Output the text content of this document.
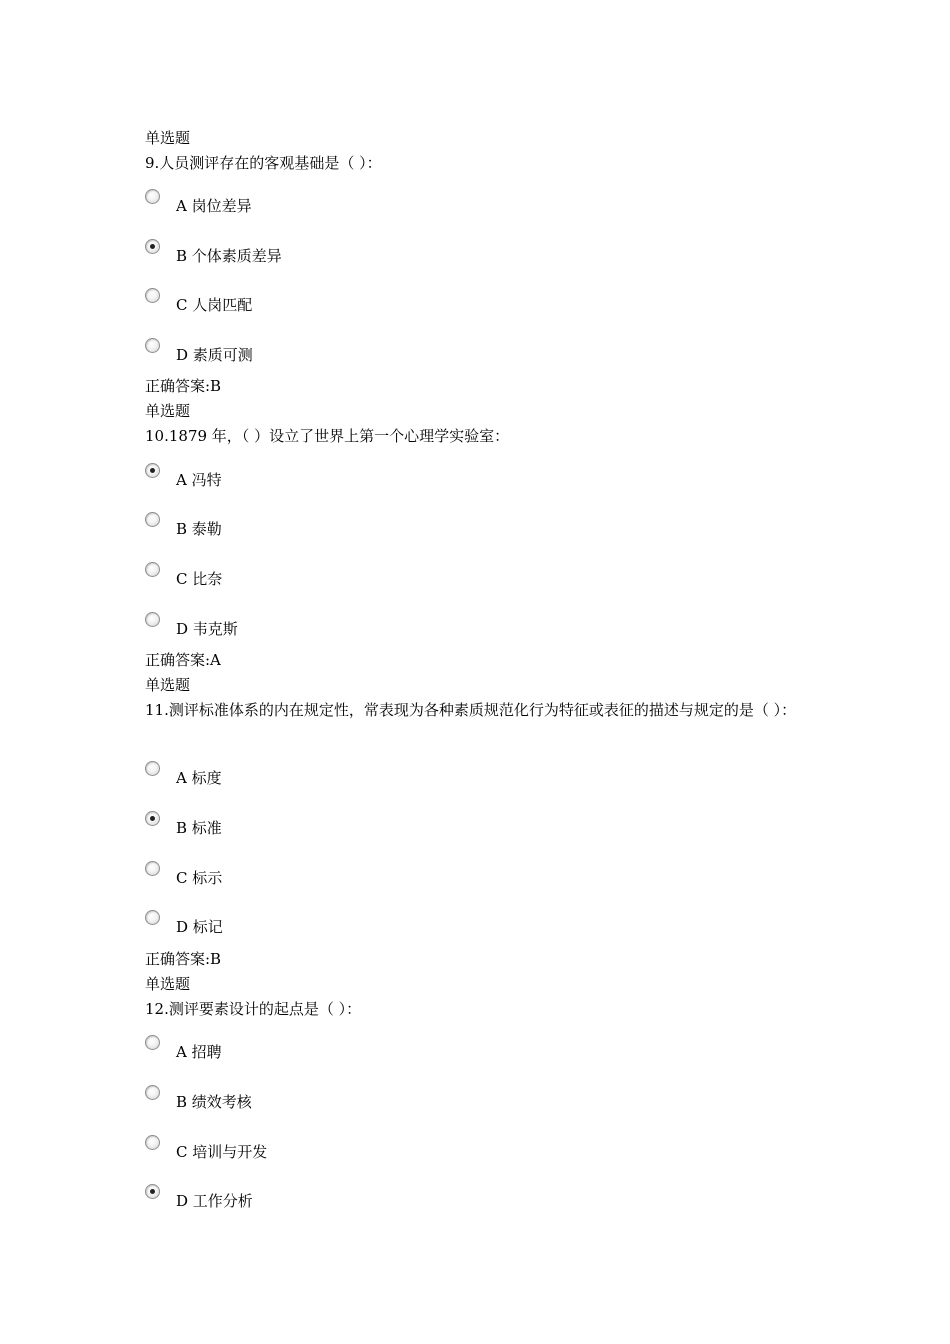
单选题
9.人员测评存在的客观基础是（ ）：
A 岗位差异
B 个体素质差异
C 人岗匹配
D 素质可测
正确答案:B
单选题
10.1879 年，（ ）设立了世界上第一个心理学实验室：
A 冯特
B 泰勒
C 比奈
D 韦克斯
正确答案:A
单选题
11.测评标准体系的内在规定性，常表现为各种素质规范化行为特征或表征的描述与规定的是（ ）：
A 标度
B 标准
C 标示
D 标记
正确答案:B
单选题
12.测评要素设计的起点是（ ）：
A 招聘
B 绩效考核
C 培训与开发
D 工作分析
